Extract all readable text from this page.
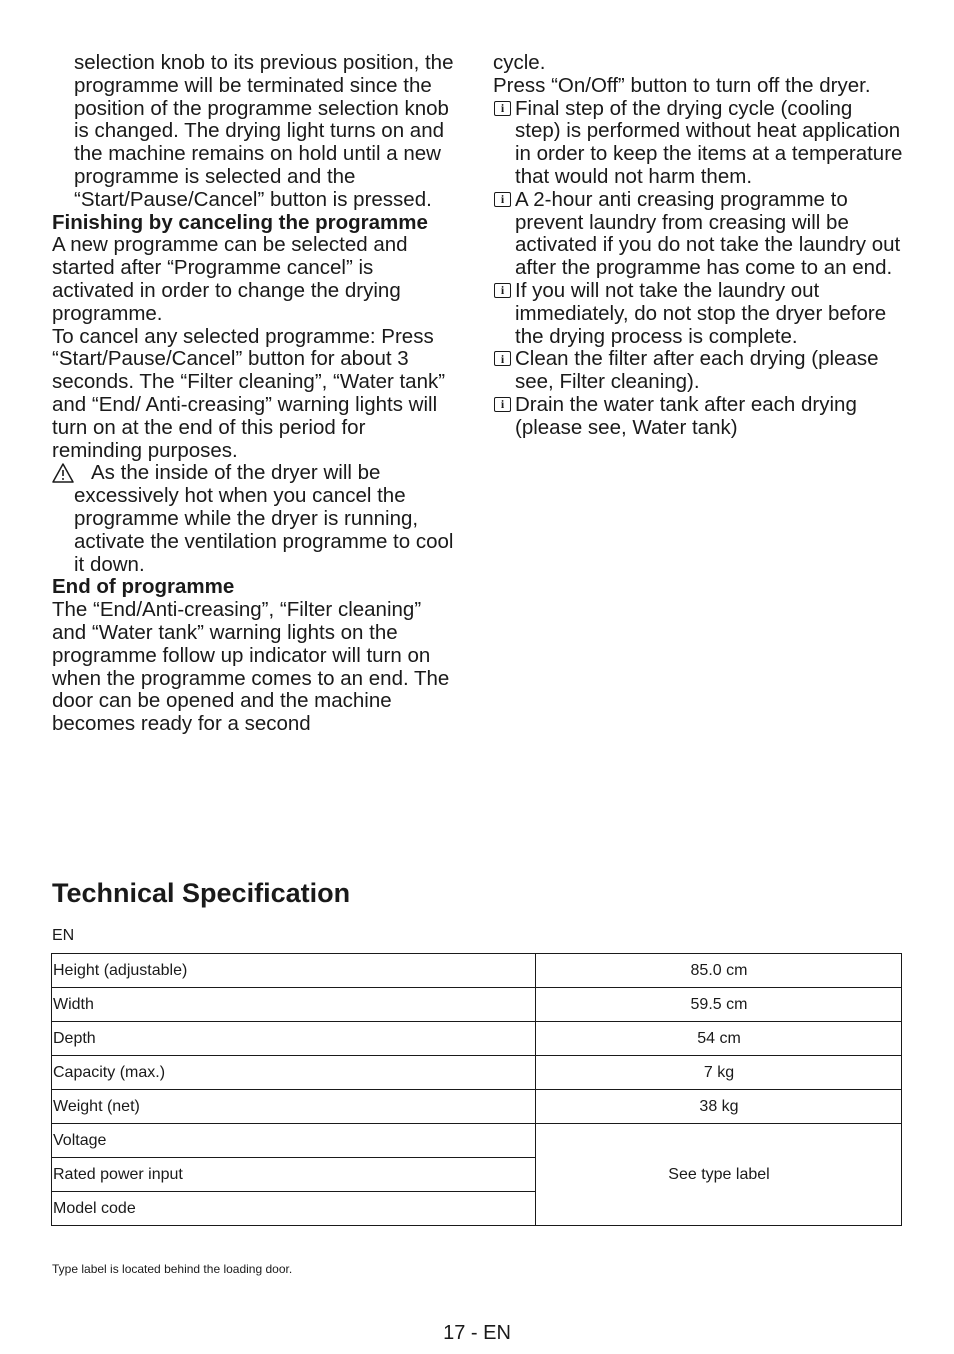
selection knob to its previous position, the programme will be terminated since the position of the programme selection knob is changed. The drying light turns on and the machine remains on hold until a new programme is selected and the “Start/Pause/Cancel” button is pressed.

Finishing by canceling the programme

A new programme can be selected and started after “Programme cancel” is activated in order to change the drying programme.

To cancel any selected programme: Press “Start/Pause/Cancel” button for about 3 seconds. The “Filter cleaning”, “Water tank” and “End/ Anti-creasing” warning lights will turn on at the end of this period for reminding purposes.

As the inside of the dryer will be excessively hot when you cancel the programme while the dryer is running, activate the ventilation programme to cool it down.

End of programme

The “End/Anti-creasing”, “Filter cleaning” and “Water tank” warning lights on the programme follow up indicator will turn on when the programme comes to an end. The door can be opened and the machine becomes ready for a second

cycle.

Press “On/Off” button to turn off the dryer.

i Final step of the drying cycle (cooling step) is performed without heat application in order to keep the items at a temperature that would not harm them.
i A 2-hour anti creasing programme to prevent laundry from creasing will be activated if you do not take the laundry out after the programme has come to an end.
i If you will not take the laundry out immediately, do not stop the dryer before the drying process is complete.
i Clean the filter after each drying (please see, Filter cleaning).
i Drain the water tank after each drying (please see, Water tank)
Technical Specification
EN
Height (adjustable)	85.0 cm
Width	59.5 cm
Depth	54 cm
Capacity (max.)	7 kg
Weight (net)	38 kg
Voltage	See type label
Rated power input	
Model code	
Type label is located behind the loading door.
17 - EN
